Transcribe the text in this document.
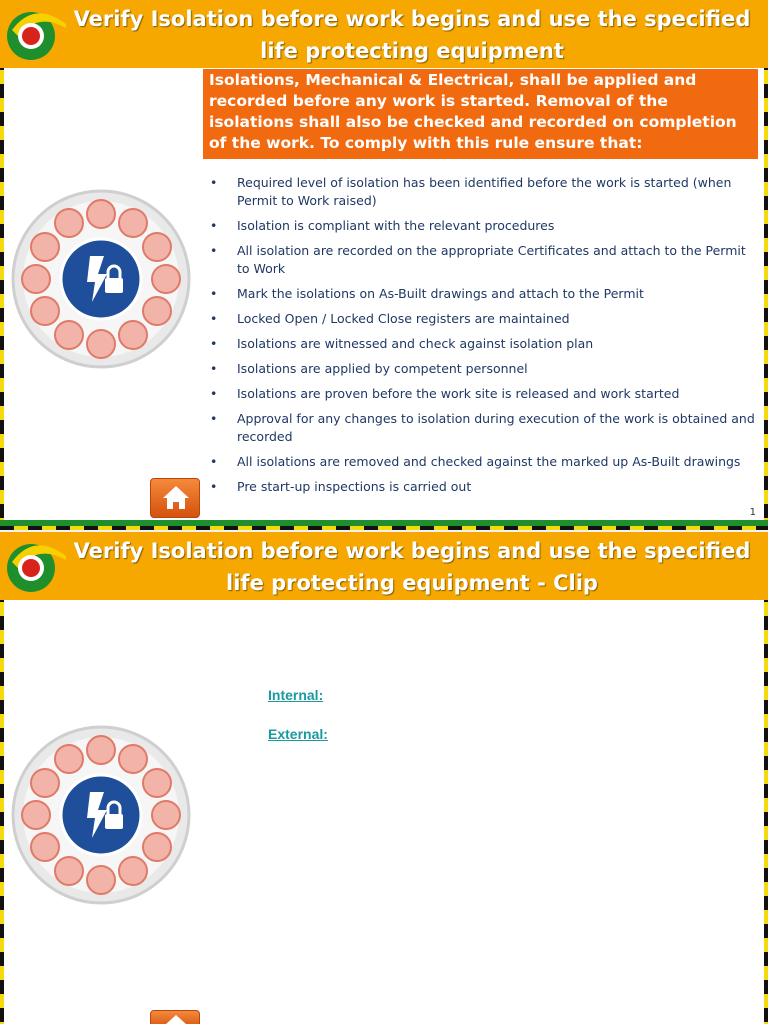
Verify Isolation before work begins and use the specified life protecting equipment
Isolations, Mechanical & Electrical, shall be applied and recorded before any work is started. Removal of the isolations shall also be checked and recorded on completion of the work. To comply with this rule ensure that:
• Required level of isolation has been identified before the work is started (when Permit to Work raised)
• Isolation is compliant with the relevant procedures
• All isolation are recorded on the appropriate Certificates and attach to the Permit to Work
• Mark the isolations on As-Built drawings and attach to the Permit
• Locked Open / Locked Close registers are maintained
• Isolations are witnessed and check against isolation plan
• Isolations are applied by competent personnel
• Isolations are proven before the work site is released and work started
• Approval for any changes to isolation during execution of the work is obtained and recorded
• All isolations are removed and checked against the marked up As-Built drawings
• Pre start-up inspections is carried out
1
Verify Isolation before work begins and use the specified life protecting equipment - Clip
Internal:
External:
